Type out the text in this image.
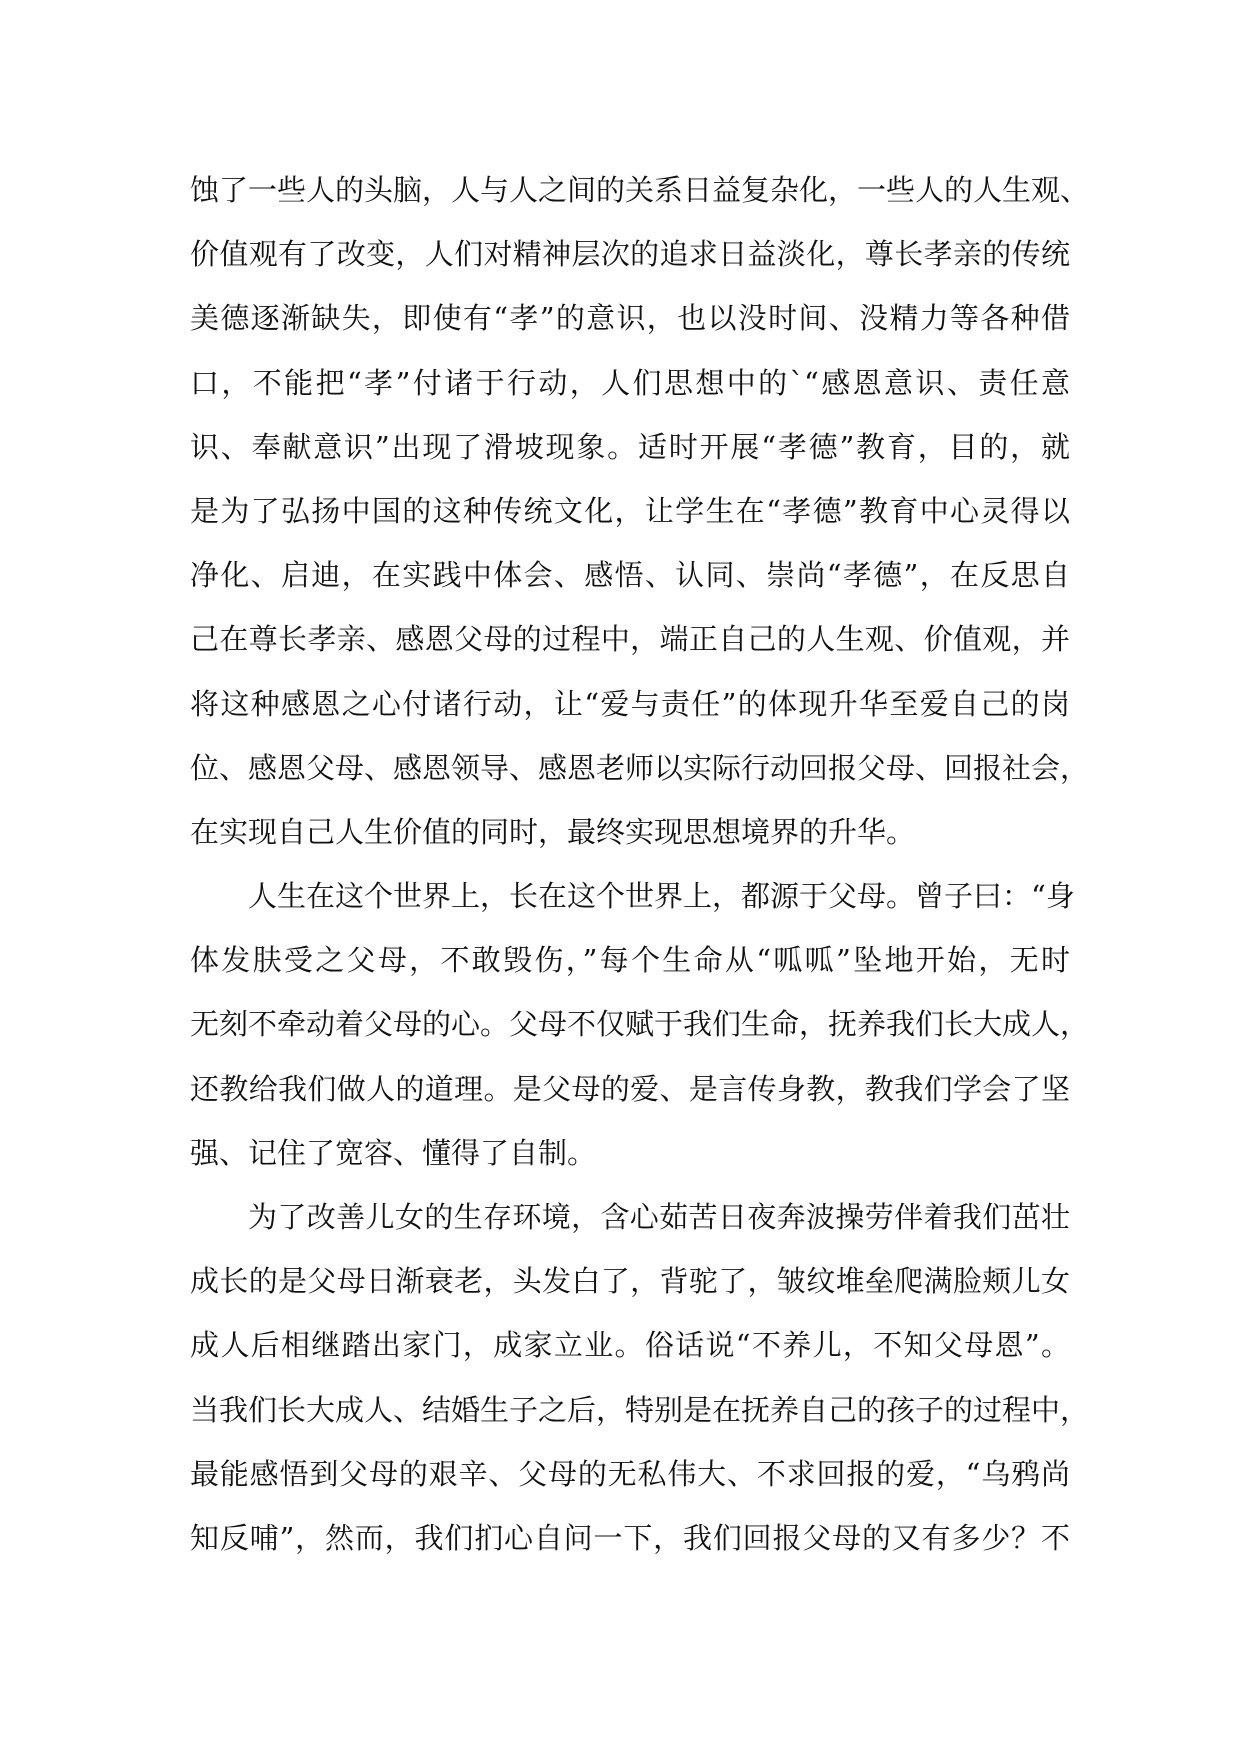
蚀了一些人的头脑，人与人之间的关系日益复杂化，一些人的人生观、
价值观有了改变，人们对精神层次的追求日益淡化，尊长孝亲的传统
美德逐渐缺失，即使有“孝”的意识，也以没时间、没精力等各种借
口，不能把“孝”付诸于行动，人们思想中的`“感恩意识、责任意
识、奉献意识”出现了滑坡现象。适时开展“孝德”教育，目的，就
是为了弘扬中国的这种传统文化，让学生在“孝德”教育中心灵得以
净化、启迪，在实践中体会、感悟、认同、崇尚“孝德”，在反思自
己在尊长孝亲、感恩父母的过程中，端正自己的人生观、价值观，并
将这种感恩之心付诸行动，让“爱与责任”的体现升华至爱自己的岗
位、感恩父母、感恩领导、感恩老师以实际行动回报父母、回报社会，
在实现自己人生价值的同时，最终实现思想境界的升华。
人生在这个世界上，长在这个世界上，都源于父母。曾子曰：“身
体发肤受之父母，不敢毁伤，”每个生命从“呱呱”坠地开始，无时
无刻不牵动着父母的心。父母不仅赋于我们生命，抚养我们长大成人，
还教给我们做人的道理。是父母的爱、是言传身教，教我们学会了坚
强、记住了宽容、懂得了自制。
为了改善儿女的生存环境，含心茹苦日夜奔波操劳伴着我们茁壮
成长的是父母日渐衰老，头发白了，背驼了，皱纹堆垒爬满脸颊儿女
成人后相继踏出家门，成家立业。俗话说“不养儿，不知父母恩”。
当我们长大成人、结婚生子之后，特别是在抚养自己的孩子的过程中，
最能感悟到父母的艰辛、父母的无私伟大、不求回报的爱，“乌鸦尚
知反哺”，然而，我们扪心自问一下，我们回报父母的又有多少？不
